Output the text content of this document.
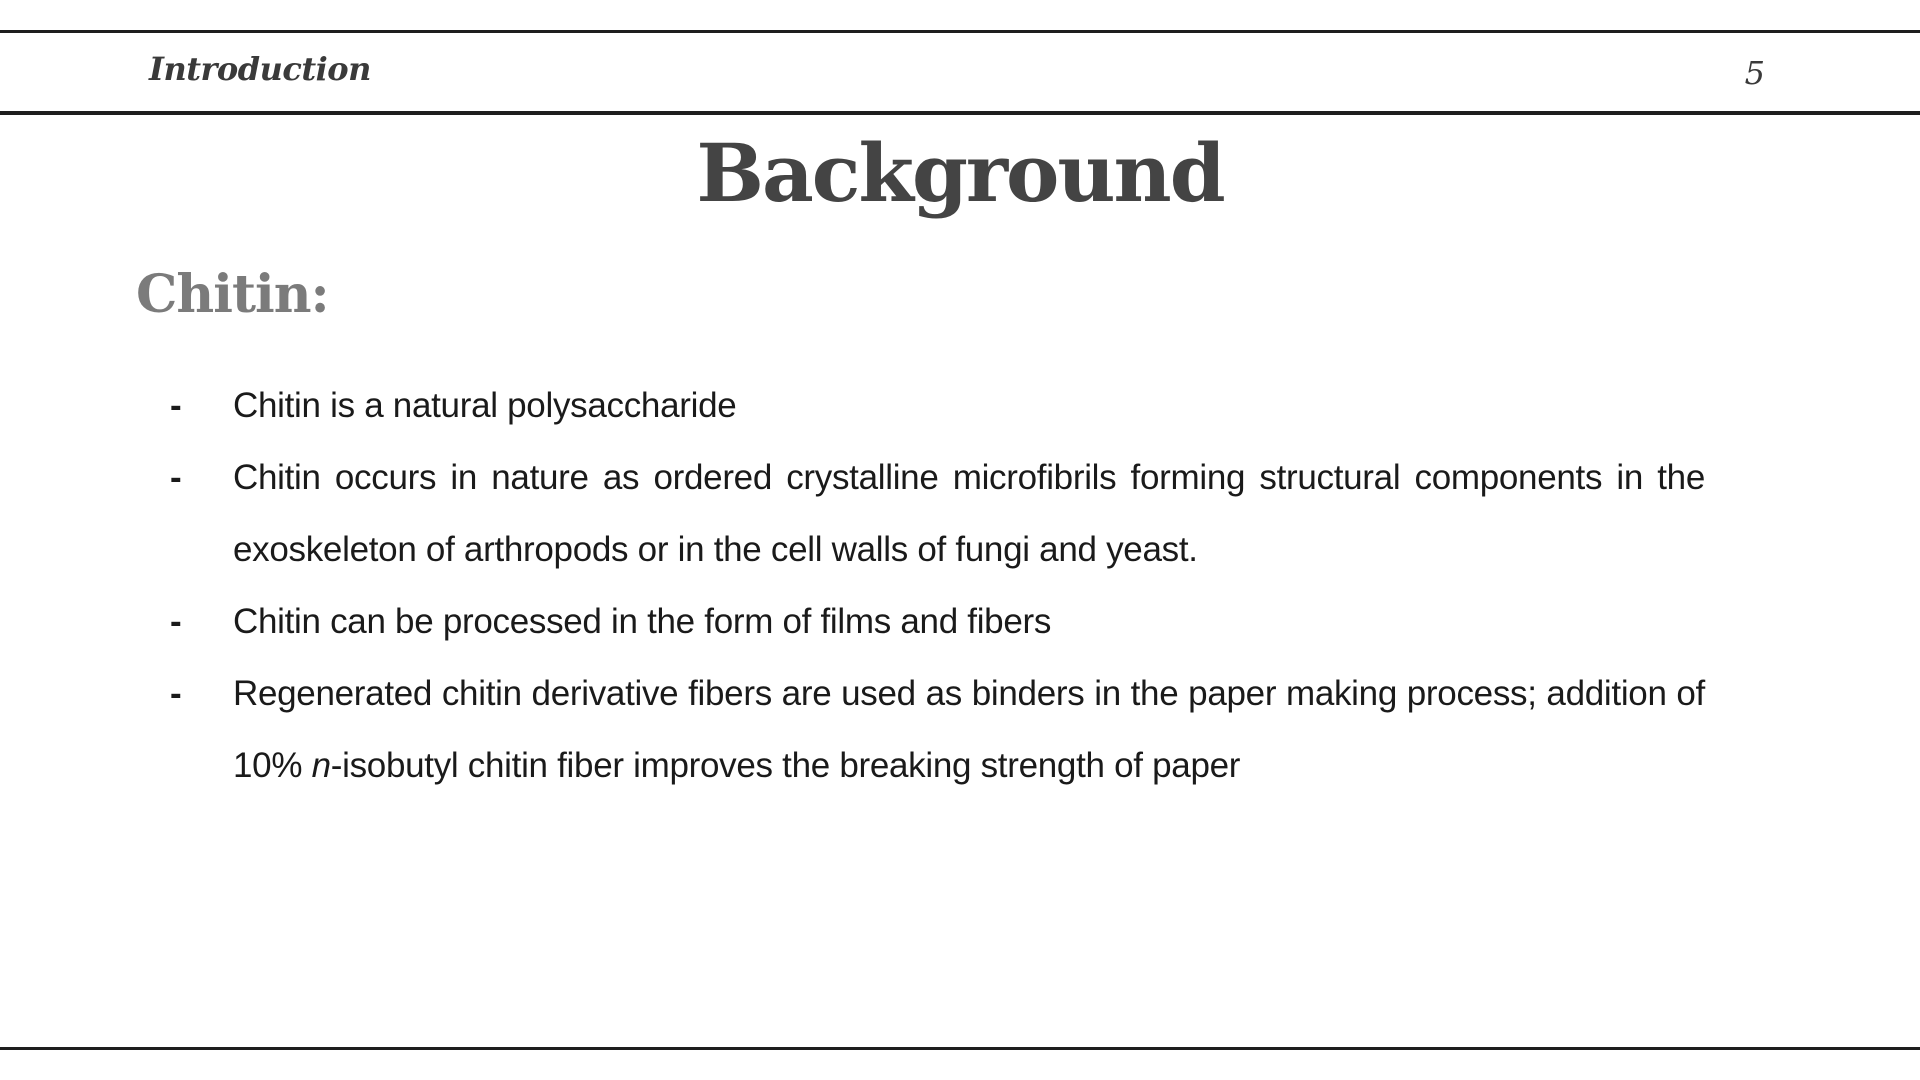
Introduction	5
Background
Chitin:
-	Chitin is a natural polysaccharide
-	Chitin occurs in nature as ordered crystalline microfibrils forming structural components in the exoskeleton of arthropods or in the cell walls of fungi and yeast.
-	Chitin can be processed in the form of films and fibers
-	Regenerated chitin derivative fibers are used as binders in the paper making process; addition of 10% n-isobutyl chitin fiber improves the breaking strength of paper
